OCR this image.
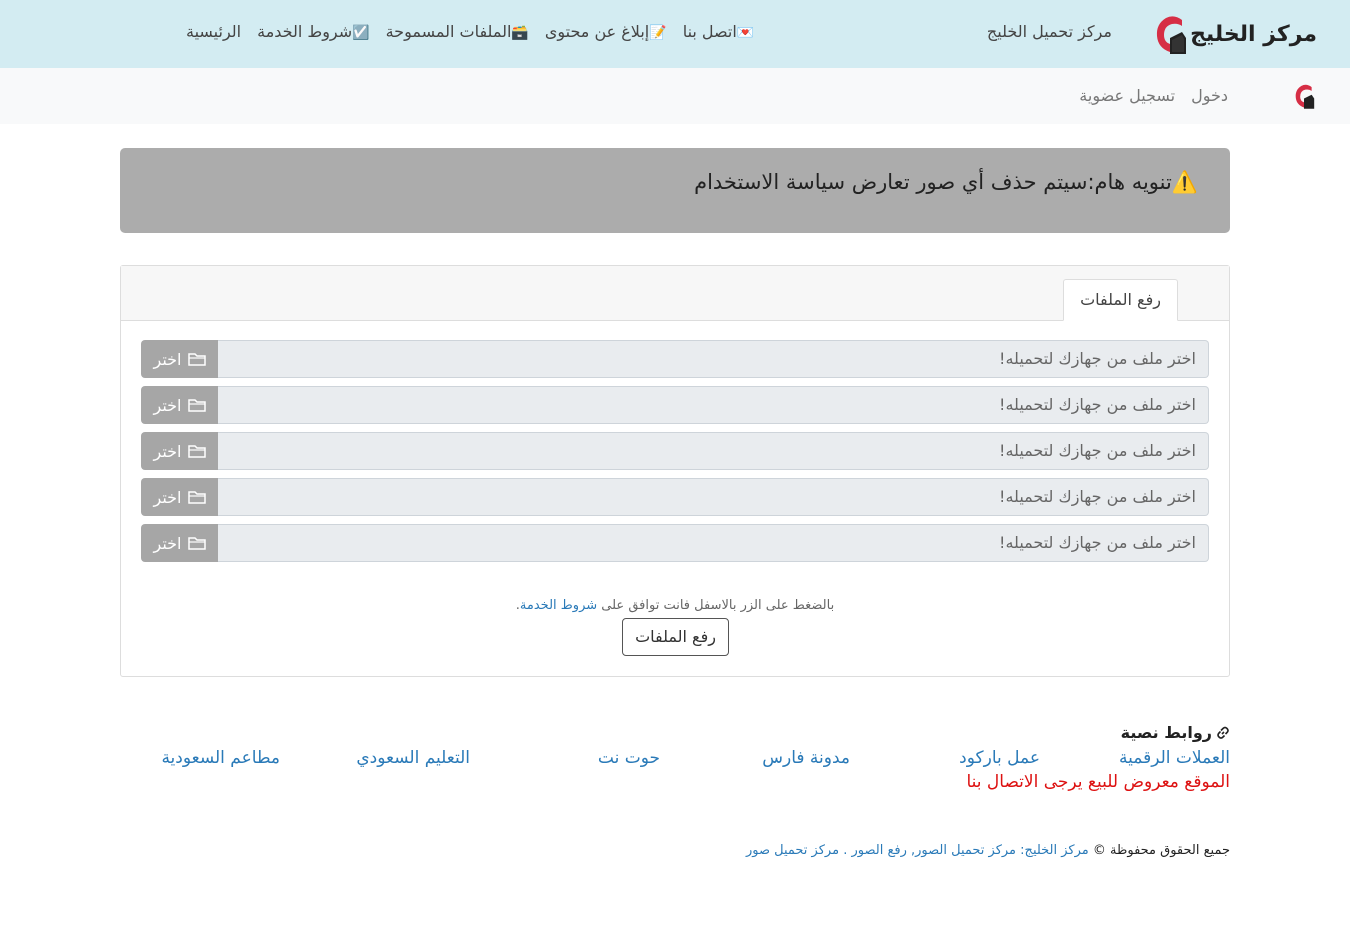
مركز الخليج
مركز تحميل الخليج
الرئيسية	☑️شروط الخدمة	🗃️الملفات المسموحة	📝إبلاغ عن محتوى	💌اتصل بنا
دخول
تسجيل عضوية
⚠️تنويه هام:سيتم حذف أي صور تعارض سياسة الاستخدام
رفع الملفات
اختر ملف من جهازك لتحميله!
اختر
اختر ملف من جهازك لتحميله!
اختر
اختر ملف من جهازك لتحميله!
اختر
اختر ملف من جهازك لتحميله!
اختر
اختر ملف من جهازك لتحميله!
اختر
بالضغط على الزر بالاسفل فانت توافق على شروط الخدمة.
رفع الملفات
روابط نصية
العملات الرقمية
عمل باركود
مدونة فارس
حوت نت
التعليم السعودي
مطاعم السعودية
الموقع معروض للبيع يرجى الاتصال بنا
جميع الحقوق محفوظة © مركز الخليج: مركز تحميل الصور, رفع الصور . مركز تحميل صور
